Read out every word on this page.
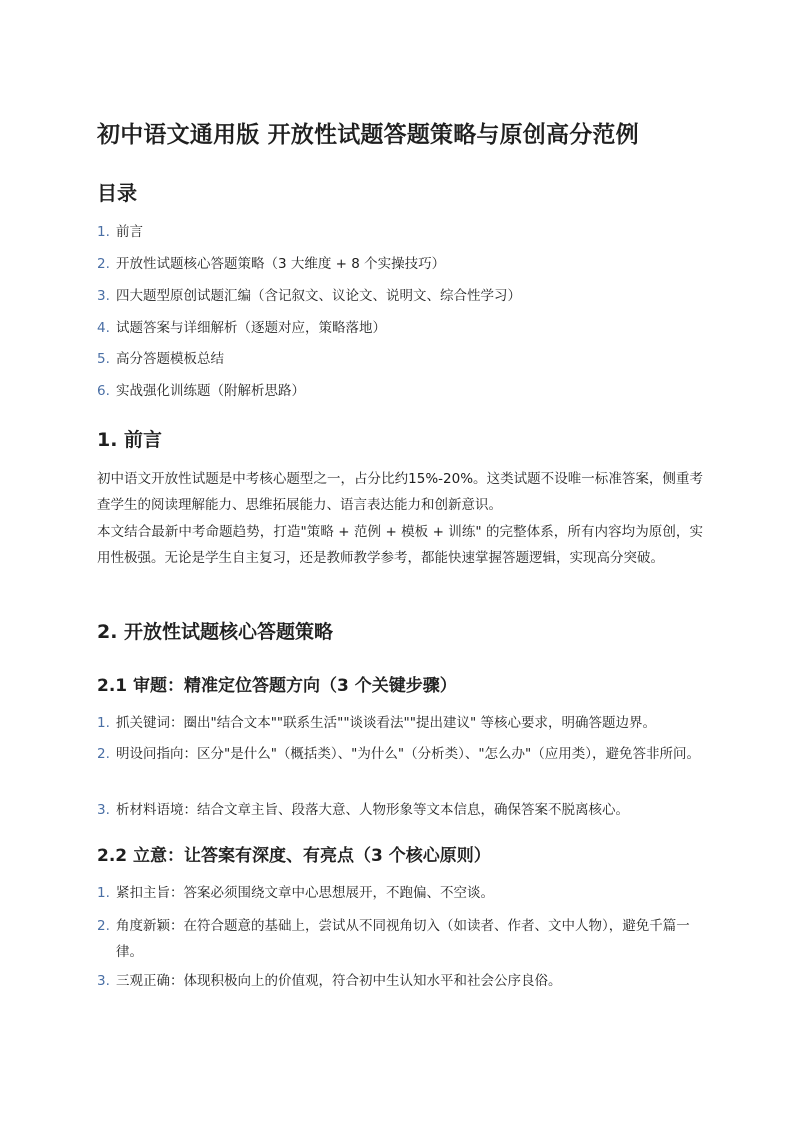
初中语文通用版 开放性试题答题策略与原创高分范例
目录
1. 前言
2. 开放性试题核心答题策略（3 大维度 + 8 个实操技巧）
3. 四大题型原创试题汇编（含记叙文、议论文、说明文、综合性学习）
4. 试题答案与详细解析（逐题对应，策略落地）
5. 高分答题模板总结
6. 实战强化训练题（附解析思路）
1. 前言
初中语文开放性试题是中考核心题型之一，占分比约15%-20%。这类试题不设唯一标准答案，侧重考查学生的阅读理解能力、思维拓展能力、语言表达能力和创新意识。
本文结合最新中考命题趋势，打造"策略 + 范例 + 模板 + 训练" 的完整体系，所有内容均为原创，实用性极强。无论是学生自主复习，还是教师教学参考，都能快速掌握答题逻辑，实现高分突破。
2. 开放性试题核心答题策略
2.1 审题：精准定位答题方向（3 个关键步骤）
1. 抓关键词：圈出"结合文本""联系生活""谈谈看法""提出建议" 等核心要求，明确答题边界。
2. 明设问指向：区分"是什么"（概括类）、"为什么"（分析类）、"怎么办"（应用类），避免答非所问。
3. 析材料语境：结合文章主旨、段落大意、人物形象等文本信息，确保答案不脱离核心。
2.2 立意：让答案有深度、有亮点（3 个核心原则）
1. 紧扣主旨：答案必须围绕文章中心思想展开，不跑偏、不空谈。
2. 角度新颖：在符合题意的基础上，尝试从不同视角切入（如读者、作者、文中人物），避免千篇一律。
3. 三观正确：体现积极向上的价值观，符合初中生认知水平和社会公序良俗。
